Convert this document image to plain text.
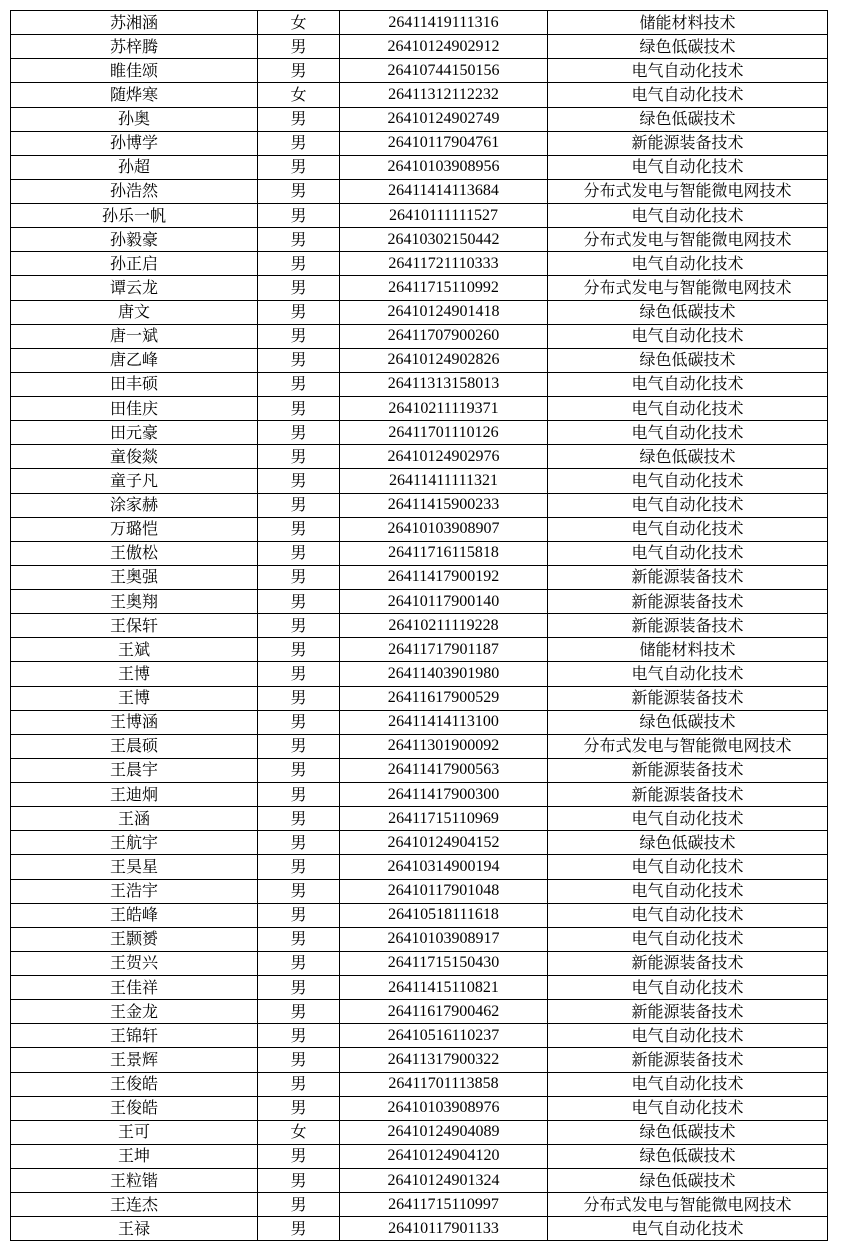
苏湘涵	女	26411419111316	储能材料技术
苏梓腾	男	26410124902912	绿色低碳技术
睢佳颂	男	26410744150156	电气自动化技术
随烨寒	女	26411312112232	电气自动化技术
孙奥	男	26410124902749	绿色低碳技术
孙博学	男	26410117904761	新能源装备技术
孙超	男	26410103908956	电气自动化技术
孙浩然	男	26411414113684	分布式发电与智能微电网技术
孙乐一帆	男	26410111111527	电气自动化技术
孙毅豪	男	26410302150442	分布式发电与智能微电网技术
孙正启	男	26411721110333	电气自动化技术
谭云龙	男	26411715110992	分布式发电与智能微电网技术
唐文	男	26410124901418	绿色低碳技术
唐一斌	男	26411707900260	电气自动化技术
唐乙峰	男	26410124902826	绿色低碳技术
田丰硕	男	26411313158013	电气自动化技术
田佳庆	男	26410211119371	电气自动化技术
田元豪	男	26411701110126	电气自动化技术
童俊燚	男	26410124902976	绿色低碳技术
童子凡	男	26411411111321	电气自动化技术
涂家赫	男	26411415900233	电气自动化技术
万璐恺	男	26410103908907	电气自动化技术
王傲松	男	26411716115818	电气自动化技术
王奥强	男	26411417900192	新能源装备技术
王奥翔	男	26410117900140	新能源装备技术
王保轩	男	26410211119228	新能源装备技术
王斌	男	26411717901187	储能材料技术
王博	男	26411403901980	电气自动化技术
王博	男	26411617900529	新能源装备技术
王博涵	男	26411414113100	绿色低碳技术
王晨硕	男	26411301900092	分布式发电与智能微电网技术
王晨宇	男	26411417900563	新能源装备技术
王迪炯	男	26411417900300	新能源装备技术
王涵	男	26411715110969	电气自动化技术
王航宇	男	26410124904152	绿色低碳技术
王昊星	男	26410314900194	电气自动化技术
王浩宇	男	26410117901048	电气自动化技术
王皓峰	男	26410518111618	电气自动化技术
王颢赟	男	26410103908917	电气自动化技术
王贺兴	男	26411715150430	新能源装备技术
王佳祥	男	26411415110821	电气自动化技术
王金龙	男	26411617900462	新能源装备技术
王锦轩	男	26410516110237	电气自动化技术
王景辉	男	26411317900322	新能源装备技术
王俊皓	男	26411701113858	电气自动化技术
王俊皓	男	26410103908976	电气自动化技术
王可	女	26410124904089	绿色低碳技术
王坤	男	26410124904120	绿色低碳技术
王粒锴	男	26410124901324	绿色低碳技术
王连杰	男	26411715110997	分布式发电与智能微电网技术
王禄	男	26410117901133	电气自动化技术
